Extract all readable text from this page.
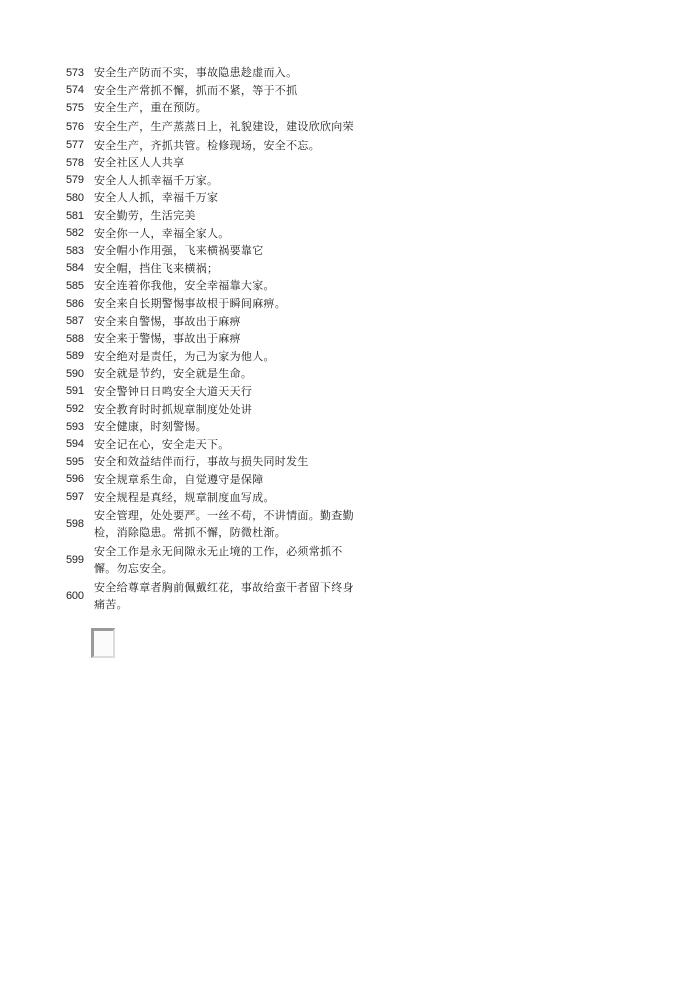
573 安全生产防而不实，事故隐患趁虚而入。
574 安全生产常抓不懈，抓而不紧，等于不抓
575 安全生产，重在预防。
576 安全生产，生产蒸蒸日上，礼貌建设，建设欣欣向荣
577 安全生产，齐抓共管。检修现场，安全不忘。
578 安全社区人人共享
579 安全人人抓幸福千万家。
580 安全人人抓，幸福千万家
581 安全勤劳，生活完美
582 安全你一人，幸福全家人。
583 安全帽小作用强，飞来横祸要靠它
584 安全帽，挡住飞来横祸；
585 安全连着你我他，安全幸福靠大家。
586 安全来自长期警惕事故根于瞬间麻痹。
587 安全来自警惕，事故出于麻痹
588 安全来于警惕，事故出于麻痹
589 安全绝对是责任，为己为家为他人。
590 安全就是节约，安全就是生命。
591 安全警钟日日鸣安全大道天天行
592 安全教育时时抓规章制度处处讲
593 安全健康，时刻警惕。
594 安全记在心，安全走天下。
595 安全和效益结伴而行，事故与损失同时发生
596 安全规章系生命，自觉遵守是保障
597 安全规程是真经，规章制度血写成。
598
安全管理，处处要严。一丝不苟，不讲情面。勤查勤检，消除隐患。常抓不懈，防微杜渐。
599
安全工作是永无间隙永无止境的工作，必须常抓不懈。勿忘安全。
600
安全给尊章者胸前佩戴红花，事故给蛮干者留下终身痛苦。
